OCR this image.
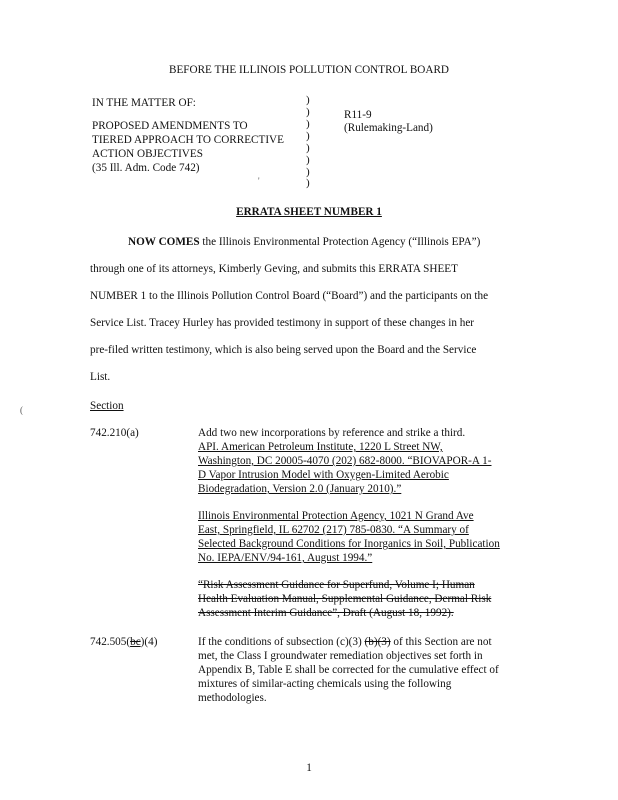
BEFORE THE ILLINOIS POLLUTION CONTROL BOARD
IN THE MATTER OF:
PROPOSED AMENDMENTS TO
TIERED APPROACH TO CORRECTIVE
ACTION OBJECTIVES
(35 Ill. Adm. Code 742)
)
)
)
)
)
)
)
)
R11-9
(Rulemaking-Land)
ERRATA SHEET NUMBER 1
NOW COMES the Illinois Environmental Protection Agency (“Illinois EPA”)
through one of its attorneys, Kimberly Geving, and submits this ERRATA SHEET
NUMBER 1 to the Illinois Pollution Control Board (“Board”) and the participants on the
Service List. Tracey Hurley has provided testimony in support of these changes in her
pre-filed written testimony, which is also being served upon the Board and the Service
List.
Section
742.210(a)	Add two new incorporations by reference and strike a third.
API. American Petroleum Institute, 1220 L Street NW,
Washington, DC 20005-4070 (202) 682-8000. “BIOVAPOR-A 1-
D Vapor Intrusion Model with Oxygen-Limited Aerobic
Biodegradation, Version 2.0 (January 2010).”
Illinois Environmental Protection Agency, 1021 N Grand Ave
East, Springfield, IL 62702 (217) 785-0830. “A Summary of
Selected Background Conditions for Inorganics in Soil, Publication
No. IEPA/ENV/94-161, August 1994.”
“Risk Assessment Guidance for Superfund, Volume I; Human
Health Evaluation Manual, Supplemental Guidance, Dermal Risk
Assessment Interim Guidance”, Draft (August 18, 1992).
742.505(bc)(4)	If the conditions of subsection (c)(3) (b)(3) of this Section are not
met, the Class I groundwater remediation objectives set forth in
Appendix B, Table E shall be corrected for the cumulative effect of
mixtures of similar-acting chemicals using the following
methodologies.
1
(
'
